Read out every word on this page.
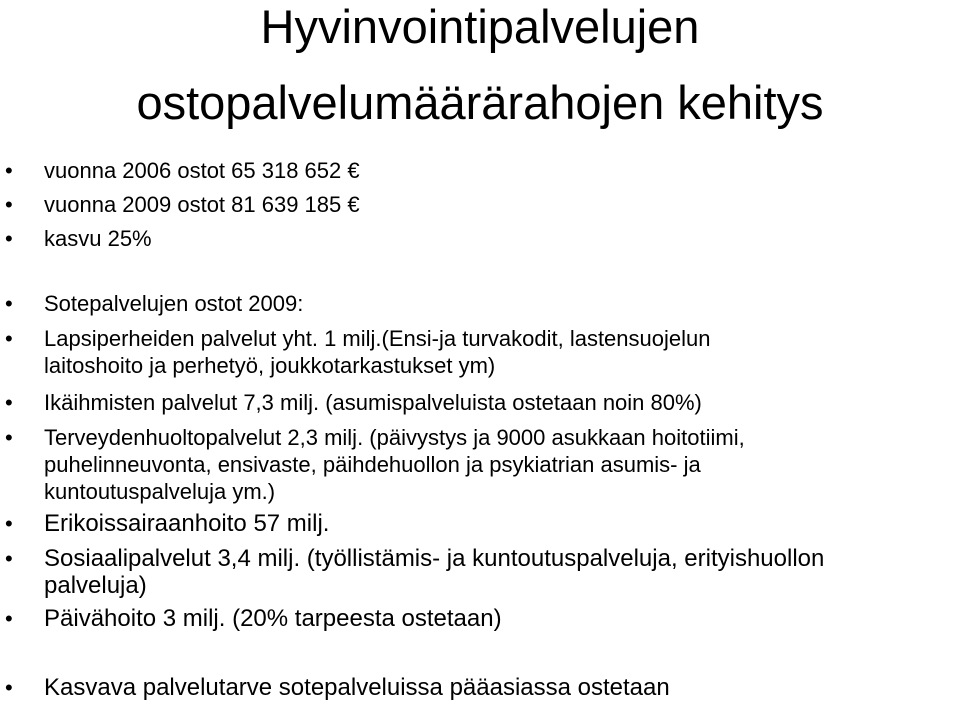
Hyvinvointipalvelujen
ostopalvelumäärärahojen kehitys
• vuonna 2006 ostot 65 318 652 €

• vuonna 2009 ostot 81 639 185 €

• kasvu 25%

• Sotepalvelujen ostot 2009:

• Lapsiperheiden palvelut yht. 1 milj.(Ensi-ja turvakodit, lastensuojelun
laitoshoito ja perhetyö, joukkotarkastukset ym)

• Ikäihmisten palvelut 7,3 milj. (asumispalveluista ostetaan noin 80%)

• Terveydenhuoltopalvelut 2,3 milj. (päivystys ja 9000 asukkaan hoitotiimi,
puhelinneuvonta, ensivaste, päihdehuollon ja psykiatrian asumis- ja
kuntoutuspalveluja ym.)

• Erikoissairaanhoito 57 milj.

• Sosiaalipalvelut 3,4 milj. (työllistämis- ja kuntoutuspalveluja, erityishuollon
palveluja)

• Päivähoito 3 milj. (20% tarpeesta ostetaan)

• Kasvava palvelutarve sotepalveluissa pääasiassa ostetaan
